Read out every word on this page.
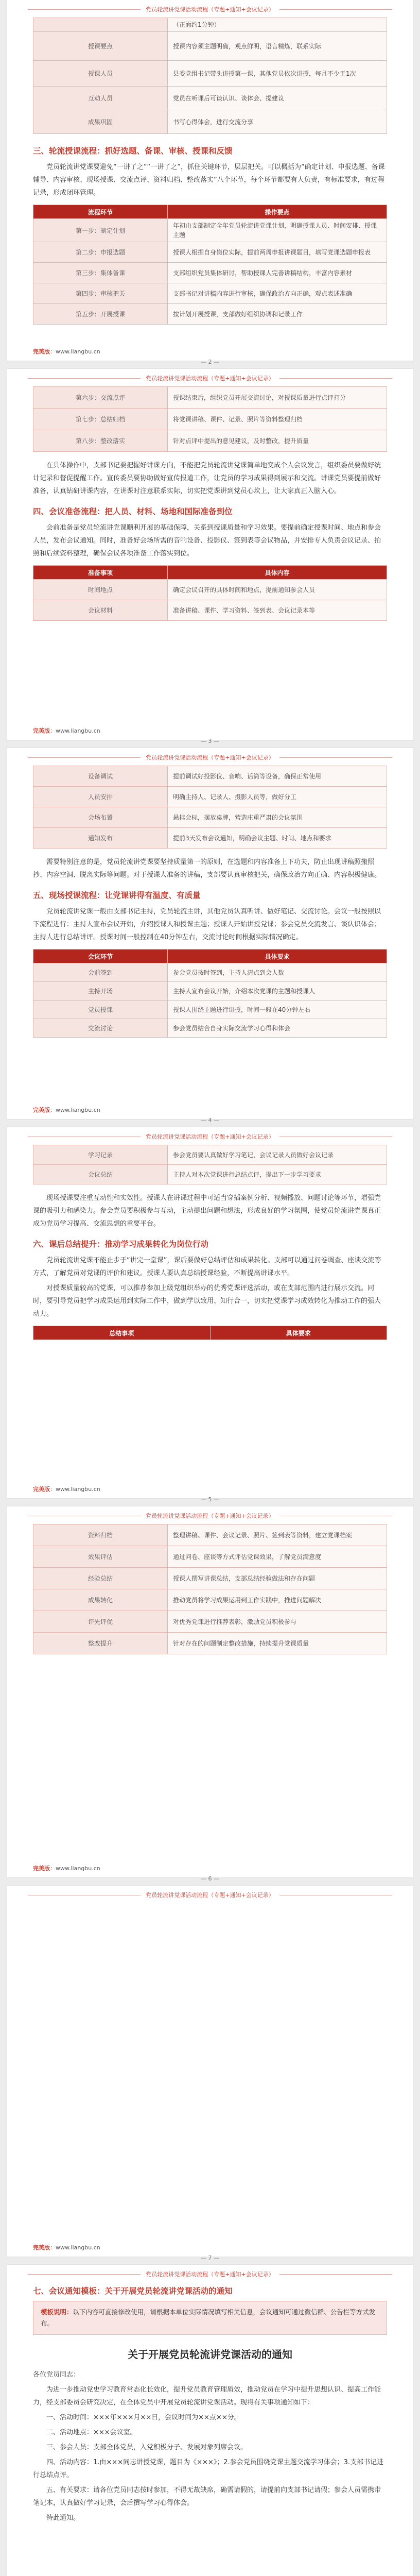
党员轮流讲党课活动流程（专题+通知+会议记录）
	（正面约1分钟）
授课要点	授课内容须主题明确，观点鲜明，语言精炼，联系实际
授课人员	县委党组书记带头讲授第一课，其他党员依次讲授，每月不少于1次
互动人员	党员在听课后可谈认识、谈体会、提建议
成果巩固	书写心得体会，进行交流分享
三、轮流授课流程：抓好选题、备课、审核、授课和反馈
党员轮流讲党课要避免“一讲了之”“一讲了之”，抓住关键环节，层层把关。可以概括为“确定计划、申报选题、备课辅导、内容审核、现场授课、交流点评、资料归档、整改落实”八个环节，每个环节都要有人负责，有标准要求，有过程记录，形成闭环管理。
流程环节	操作要点
第一步：制定计划	年初由支部制定全年党员轮流讲党课计划，明确授课人员、时间安排、授课主题
第二步：申报选题	授课人根据自身岗位实际，提前两周申报讲课题目，填写党课选题申报表
第三步：集体备课	支部组织党员集体研讨，帮助授课人完善讲稿结构，丰富内容素材
第四步：审核把关	支部书记对讲稿内容进行审核，确保政治方向正确，观点表述准确
第五步：开展授课	按计划开展授课，支部做好组织协调和记录工作
完美版：www.liangbu.cn
— 2 —
党员轮流讲党课活动流程（专题+通知+会议记录）
第六步：交流点评	授课结束后，组织党员开展交流讨论，对授课质量进行点评打分
第七步：总结归档	将党课讲稿、课件、记录、照片等资料整理归档
第八步：整改落实	针对点评中提出的意见建议，及时整改，提升质量
在具体操作中，支部书记要把握好讲课方向，不能把党员轮流讲党课简单地变成个人会议发言，组织委员要做好统计记录和督促提醒工作。宣传委员要协助做好宣传报道工作，让党员的学习成果得到展示和交流。讲课党员要提前做好准备，认真钻研讲课内容，在讲课时注意联系实际，切实把党课讲到党员心坎上，让大家真正入脑入心。
四、会议准备流程：把人员、材料、场地和国际准备到位
会前准备是党员轮流讲党课顺利开展的基础保障，关系到授课质量和学习效果。要提前确定授课时间、地点和参会人员，发布会议通知。同时，准备好会场所需的音响设备、投影仪、签到表等会议物品，并安排专人负责会议记录、拍照和后续资料整理，确保会议各项准备工作落实到位。
准备事项	具体内容
时间地点	确定会议召开的具体时间和地点，提前通知参会人员
会议材料	准备讲稿、课件、学习资料、签到表、会议记录本等
完美版：www.liangbu.cn
— 3 —
党员轮流讲党课活动流程（专题+通知+会议记录）
设备调试	提前调试好投影仪、音响、话筒等设备，确保正常使用
人员安排	明确主持人、记录人、摄影人员等，做好分工
会场布置	悬挂会标，摆放桌牌，营造庄重严肃的会议氛围
通知发布	提前3天发布会议通知，明确会议主题、时间、地点和要求
需要特别注意的是，党员轮流讲党课要坚持质量第一的原则，在选题和内容准备上下功夫，防止出现讲稿照搬照抄、内容空洞、脱离实际等问题。对于授课人准备的讲稿，支部要认真审核把关，确保政治方向正确、内容积极健康。
五、现场授课流程：让党课讲得有温度、有质量
党员轮流讲党课一般由支部书记主持，党员轮流主讲，其他党员认真听讲、做好笔记、交流讨论。会议一般按照以下流程进行：主持人宣布会议开始，介绍授课人和授课主题；授课人开始讲授党课；参会党员交流发言、谈认识体会；主持人进行总结讲评。授课时间一般控制在40分钟左右，交流讨论时间根据实际情况确定。
会议环节	具体要求
会前签到	参会党员按时签到，主持人清点到会人数
主持开场	主持人宣布会议开始，介绍本次党课的主题和授课人
党员授课	授课人围绕主题进行讲授，时间一般在40分钟左右
交流讨论	参会党员结合自身实际交流学习心得和体会
完美版：www.liangbu.cn
— 4 —
党员轮流讲党课活动流程（专题+通知+会议记录）
学习记录	参会党员要认真做好学习笔记，会议记录人员做好会议记录
会议总结	主持人对本次党课进行总结点评，提出下一步学习要求
现场授课要注重互动性和实效性。授课人在讲课过程中可适当穿插案例分析、视频播放、问题讨论等环节，增强党课的吸引力和感染力。参会党员要积极参与互动，主动提出问题和想法，形成良好的学习氛围，使党员轮流讲党课真正成为党员学习提高、交流思想的重要平台。
六、课后总结提升：推动学习成果转化为岗位行动
党员轮流讲党课不能止步于“讲完一堂课”，课后要做好总结评估和成果转化。支部可以通过问卷调查、座谈交流等方式，了解党员对党课的评价和建议。授课人要认真总结授课经验，不断提高讲课水平。
对授课质量较高的党课，可以推荐参加上级党组织举办的优秀党课评选活动，或在支部范围内进行展示交流。同时，要引导党员把学习成果运用到实际工作中，做到学以致用、知行合一，切实把党课学习成效转化为推动工作的强大动力。
总结事项	具体要求
完美版：www.liangbu.cn
— 5 —
党员轮流讲党课活动流程（专题+通知+会议记录）
资料归档	整理讲稿、课件、会议记录、照片、签到表等资料，建立党课档案
效果评估	通过问卷、座谈等方式评估党课效果，了解党员满意度
经验总结	授课人撰写讲课总结，支部总结经验做法和存在问题
成果转化	推动党员将学习成果运用到工作实践中，推进问题解决
评先评优	对优秀党课进行推荐表彰，激励党员积极参与
整改提升	针对存在的问题制定整改措施，持续提升党课质量
完美版：www.liangbu.cn
— 6 —
党员轮流讲党课活动流程（专题+通知+会议记录）
完美版：www.liangbu.cn
— 7 —
党员轮流讲党课活动流程（专题+通知+会议记录）
七、会议通知模板：关于开展党员轮流讲党课活动的通知
模板说明：以下内容可直接修改使用，请根据本单位实际情况填写相关信息，会议通知可通过微信群、公告栏等方式发布。
关于开展党员轮流讲党课活动的通知
各位党员同志：
为进一步推动党史学习教育常态化长效化，提升党员教育管理质效，推动党员在学习中提升思想认识、提高工作能力，经支部委员会研究决定，在全体党员中开展党员轮流讲党课活动。现将有关事项通知如下：
一、活动时间：×××年×××月××日，会议时间为××点××分。
二、活动地点：×××会议室。
三、参会人员：支部全体党员，入党积极分子、发展对象列席会议。
四、活动内容：1.由×××同志讲授党课，题目为《×××》；2.参会党员围绕党课主题交流学习体会；3.支部书记进行总结点评。
五、有关要求：请各位党员同志按时参加，不得无故缺席，确需请假的，请提前向支部书记请假；参会人员需携带笔记本，认真做好学习记录，会后撰写学习心得体会。
特此通知。
